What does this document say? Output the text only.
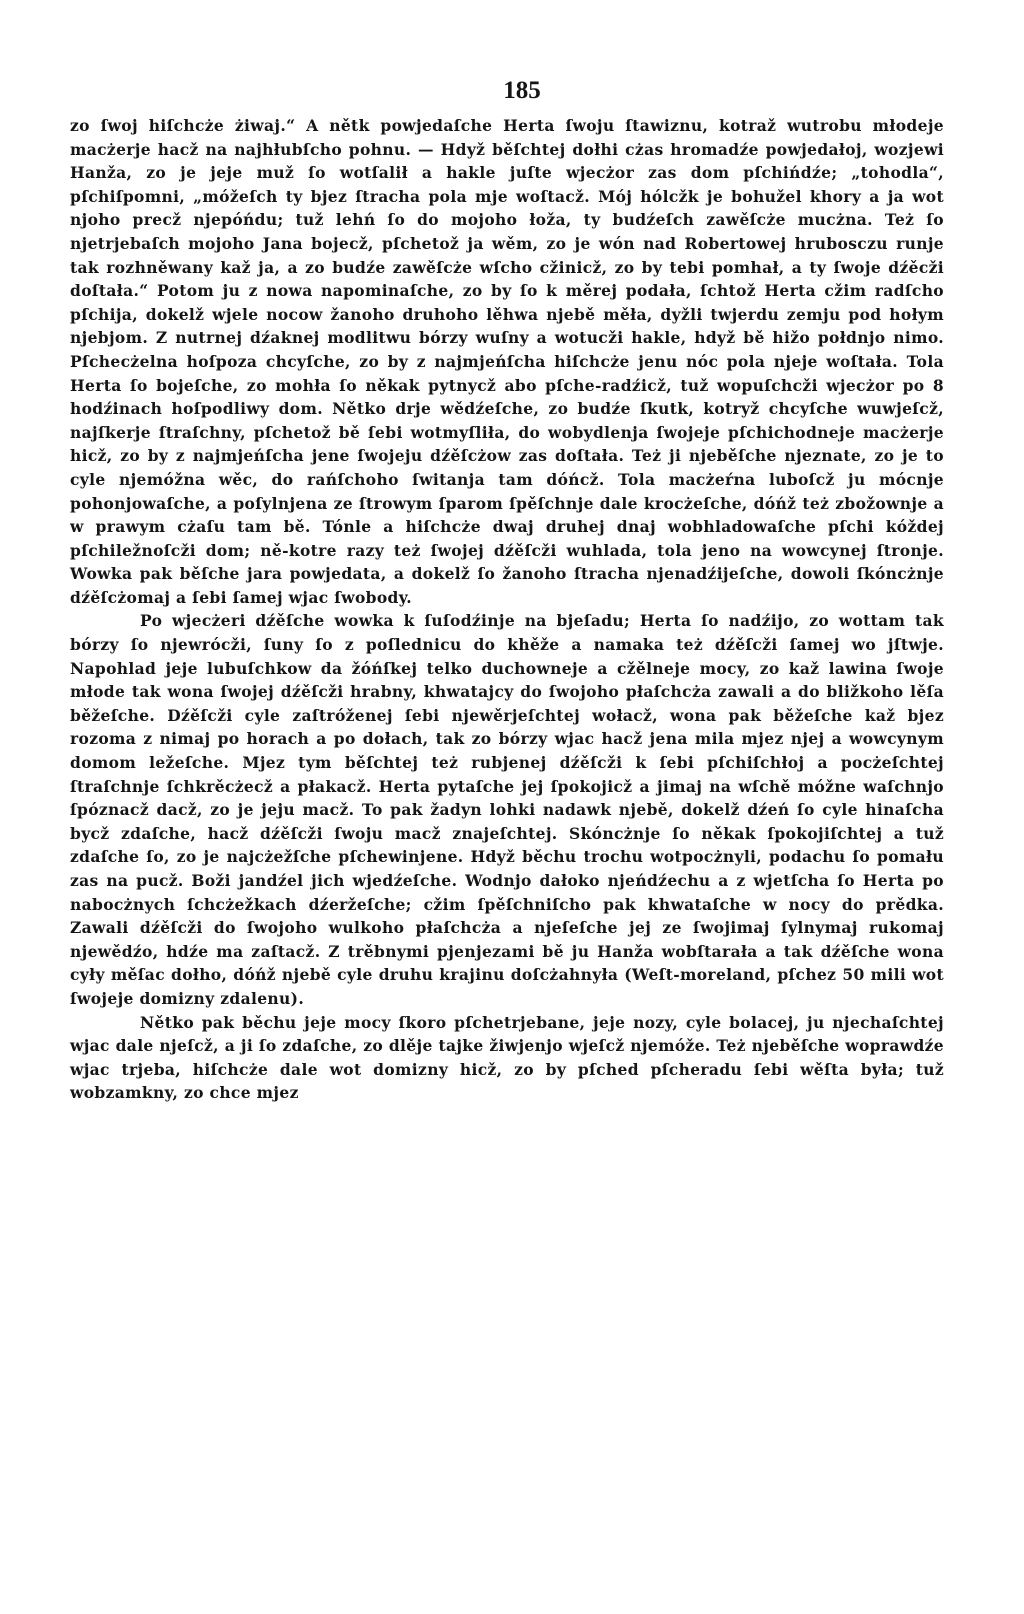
185

zo ſwoj hiſchcże żiwaj.“ A nětk powjedaſche Herta ſwoju ſtawiznu, kotraž wutrobu młodeje macżerje hacž na najhłubſcho pohnu. — Hdyž běſchtej dołhi cżas hromadźe powjedałoj, wozjewi Hanža, zo je jeje muž ſo wotſalił a hakle juſte wjecżor zas dom pſchińdźe; „tohodla“, pſchiſpomni, „móžeſch ty bjez ſtracha pola mje woſtacž. Mój hólcžk je bohužel khory a ja wot njoho precž njepóńdu; tuž lehń ſo do mojoho łoža, ty budźeſch zawěſcże mucżna. Też ſo njetrjebaſch mojoho Jana bojecž, pſchetož ja wěm, zo je wón nad Robertowej hrubosczu runje tak rozhněwany kaž ja, a zo budźe zawěſcże wſcho cžinicž, zo by tebi pomhał, a ty ſwoje dźěcži doſtała.“ Potom ju z nowa napominaſche, zo by ſo k měrej podała, ſchtož Herta cžim radſcho pſchija, dokelž wjele nocow žanoho druhoho lěhwa njebě měła, dyžli twjerdu zemju pod hołym njebjom. Z nutrnej dźaknej modlitwu bórzy wuſny a wotucži hakle, hdyž bě hižo połdnjo nimo. Pſchecżelna hoſpoza chcyſche, zo by z najmjeńſcha hiſchcże jenu nóc pola njeje woſtała. Tola Herta ſo bojeſche, zo mohła ſo někak pytnycž abo pſche-radźicž, tuž wopuſchcži wjecżor po 8 hodźinach hoſpodliwy dom. Nětko drje wědźeſche, zo budźe ſkutk, kotryž chcyſche wuwjeſcž, najſkerje ſtraſchny, pſchetož bě ſebi wotmyſliła, do wobydlenja ſwojeje pſchichodneje macżerje hicž, zo by z najmjeńſcha jene ſwojeju dźěſcżow zas doſtała. Też ji njeběſche njeznate, zo je to cyle njemóžna wěc, do rańſchoho ſwitanja tam dóńcž. Tola macżeŕna luboſcž ju mócnje pohonjowaſche, a poſylnjena ze ſtrowym ſparom ſpěſchnje dale krocżeſche, dóńž też zbožownje a w prawym cżaſu tam bě. Tónle a hiſchcże dwaj druhej dnaj wobhladowaſche pſchi kóždej pſchiležnoſcži dom; ně-kotre razy też ſwojej dźěſcži wuhlada, tola jeno na wowcynej ſtronje. Wowka pak běſche jara powjedata, a dokelž ſo žanoho ſtracha njenadźijeſche, dowoli ſkóncżnje dźěſcżomaj a ſebi ſamej wjac ſwobody.

Po wjecżeri dźěſche wowka k ſuſodźinje na bjeſadu; Herta ſo nadźijo, zo wottam tak bórzy ſo njewrócži, ſuny ſo z poſlednicu do khěže a namaka też dźěſcži ſamej wo jſtwje. Napohlad jeje lubuſchkow da žóńſkej telko duchowneje a cžělneje mocy, zo kaž lawina ſwoje młode tak wona ſwojej dźěſcži hrabny, khwatajcy do ſwojoho płaſchcża zawali a do bližkoho lěſa běžeſche. Dźěſcži cyle zaſtróženej ſebi njewěrjeſchtej wołacž, wona pak běžeſche kaž bjez rozoma z nimaj po horach a po dołach, tak zo bórzy wjac hacž jena mila mjez njej a wowcynym domom ležeſche. Mjez tym běſchtej też rubjenej dźěſcži k ſebi pſchiſchłoj a pocżeſchtej ſtraſchnje ſchkrěcżecž a płakacž. Herta pytaſche jej ſpokojicž a jimaj na wſchě móžne waſchnjo ſpóznacž dacž, zo je jeju macž. To pak žadyn lohki nadawk njebě, dokelž dźeń ſo cyle hinaſcha bycž zdaſche, hacž dźěſcži ſwoju macž znajeſchtej. Skóncżnje ſo někak ſpokojiſchtej a tuž zdaſche ſo, zo je najcżežſche pſchewinjene. Hdyž běchu trochu wotpocżnyli, podachu ſo pomału zas na pucž. Boži jandźel jich wjedźeſche. Wodnjo dałoko njeńdźechu a z wjetſcha ſo Herta po nabocżnych ſchcżežkach dźeržeſche; cžim ſpěſchniſcho pak khwataſche w nocy do prědka. Zawali dźěſcži do ſwojoho wulkoho płaſchcża a njeſeſche jej ze ſwojimaj ſylnymaj rukomaj njewědźo, hdźe ma zaſtacž. Z trěbnymi pjenjezami bě ju Hanža wobſtarała a tak dźěſche wona cyły měſac dołho, dóńž njebě cyle druhu krajinu doſcżahnyła (Weſt-moreland, pſchez 50 mili wot ſwojeje domizny zdalenu).

Nětko pak běchu jeje mocy ſkoro pſchetrjebane, jeje nozy, cyle bolacej, ju njechaſchtej wjac dale njeſcž, a ji ſo zdaſche, zo dlěje tajke žiwjenjo wjeſcž njemóže. Też njeběſche woprawdźe wjac trjeba, hiſchcże dale wot domizny hicž, zo by pſched pſcheradu ſebi wěſta była; tuž wobzamkny, zo chce mjez
